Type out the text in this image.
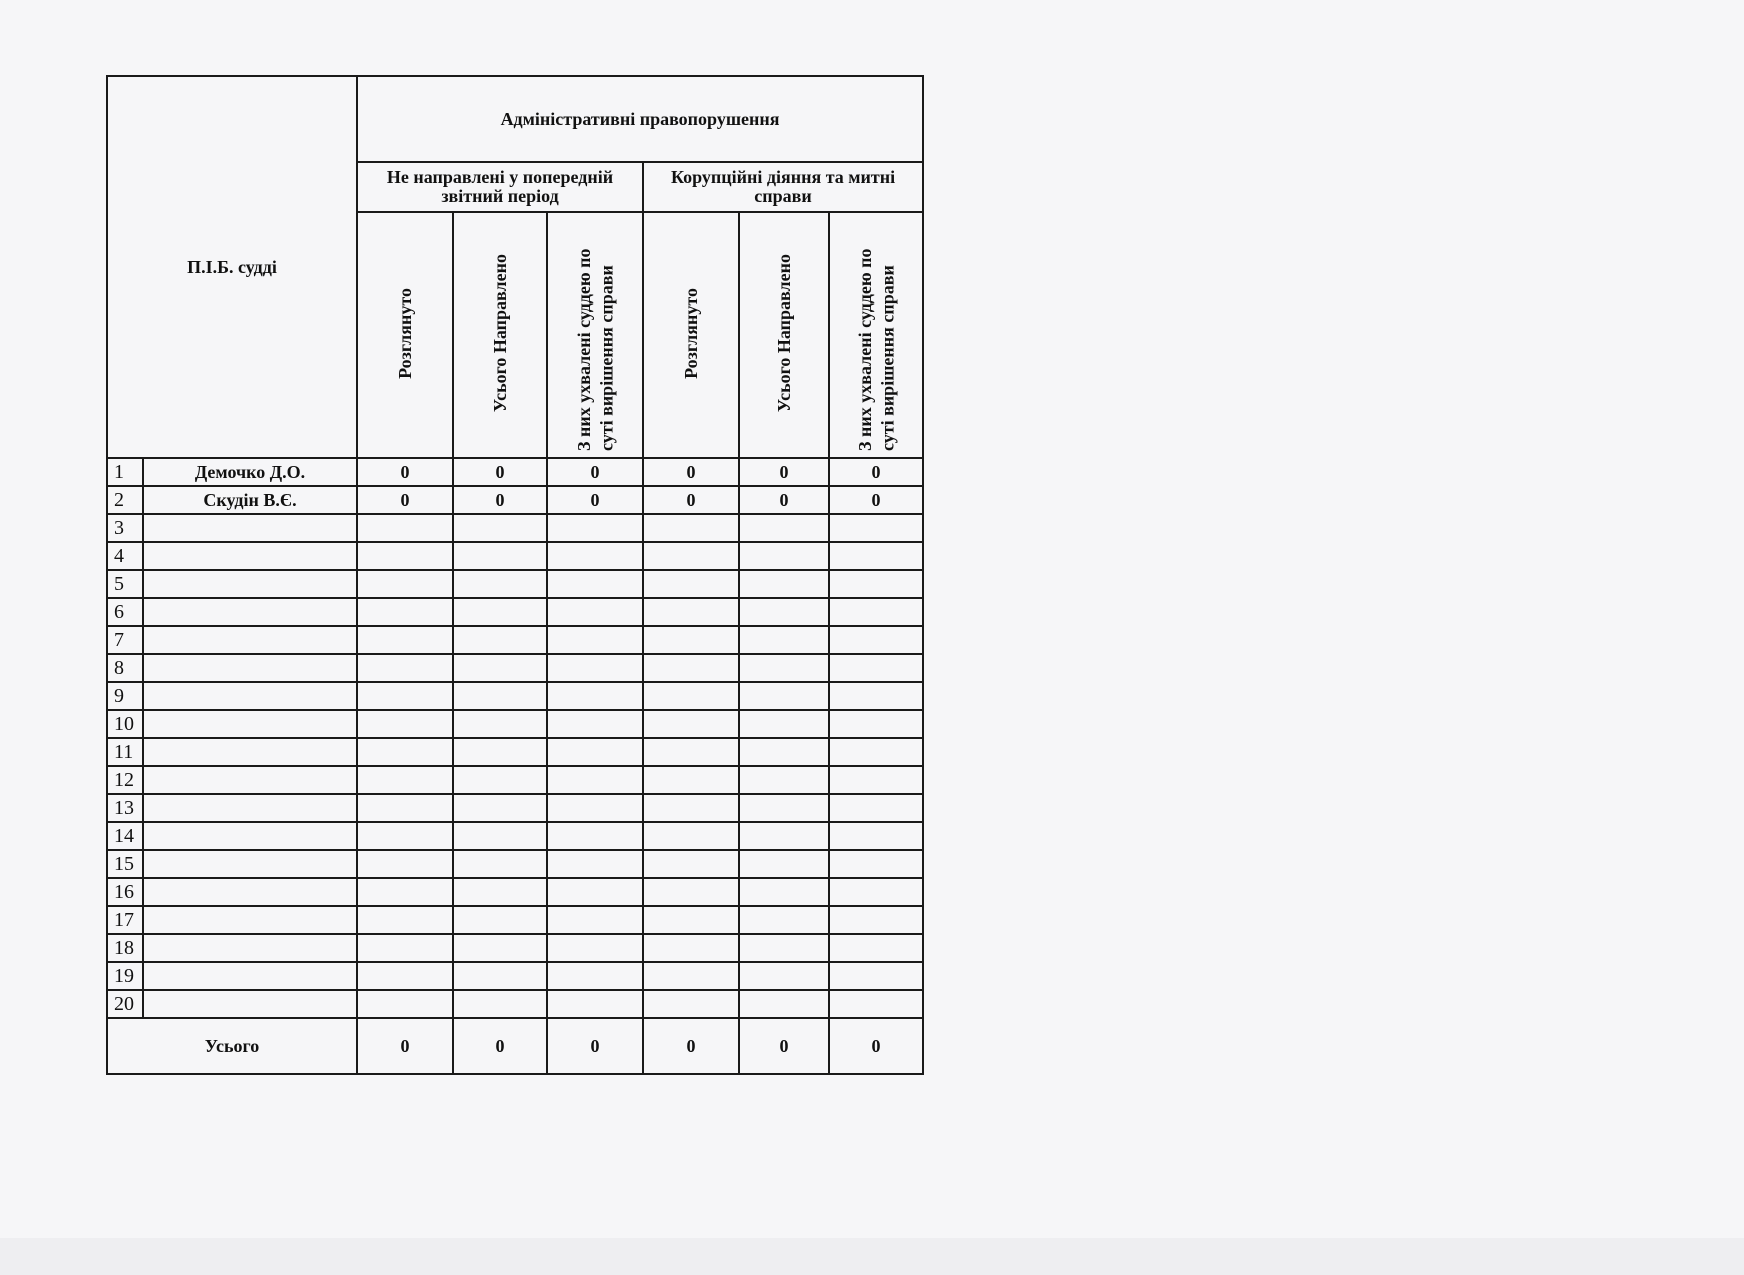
П.І.Б. судді		Адміністративні правопорушення					
		Не направлені у попередній звітний період			Корупційні діяння та митні справи		
		Розглянуто	Усього Направлено	З них ухвалені суддею по суті вирішення справи	Розглянуто	Усього Направлено	З них ухвалені суддею по суті вирішення справи
1	Демочко Д.О.	0	0	0	0	0	0
2	Скудін В.Є.	0	0	0	0	0	0
3							
4							
5							
6							
7							
8							
9							
10							
11							
12							
13							
14							
15							
16							
17							
18							
19							
20							
Усього		0	0	0	0	0	0
